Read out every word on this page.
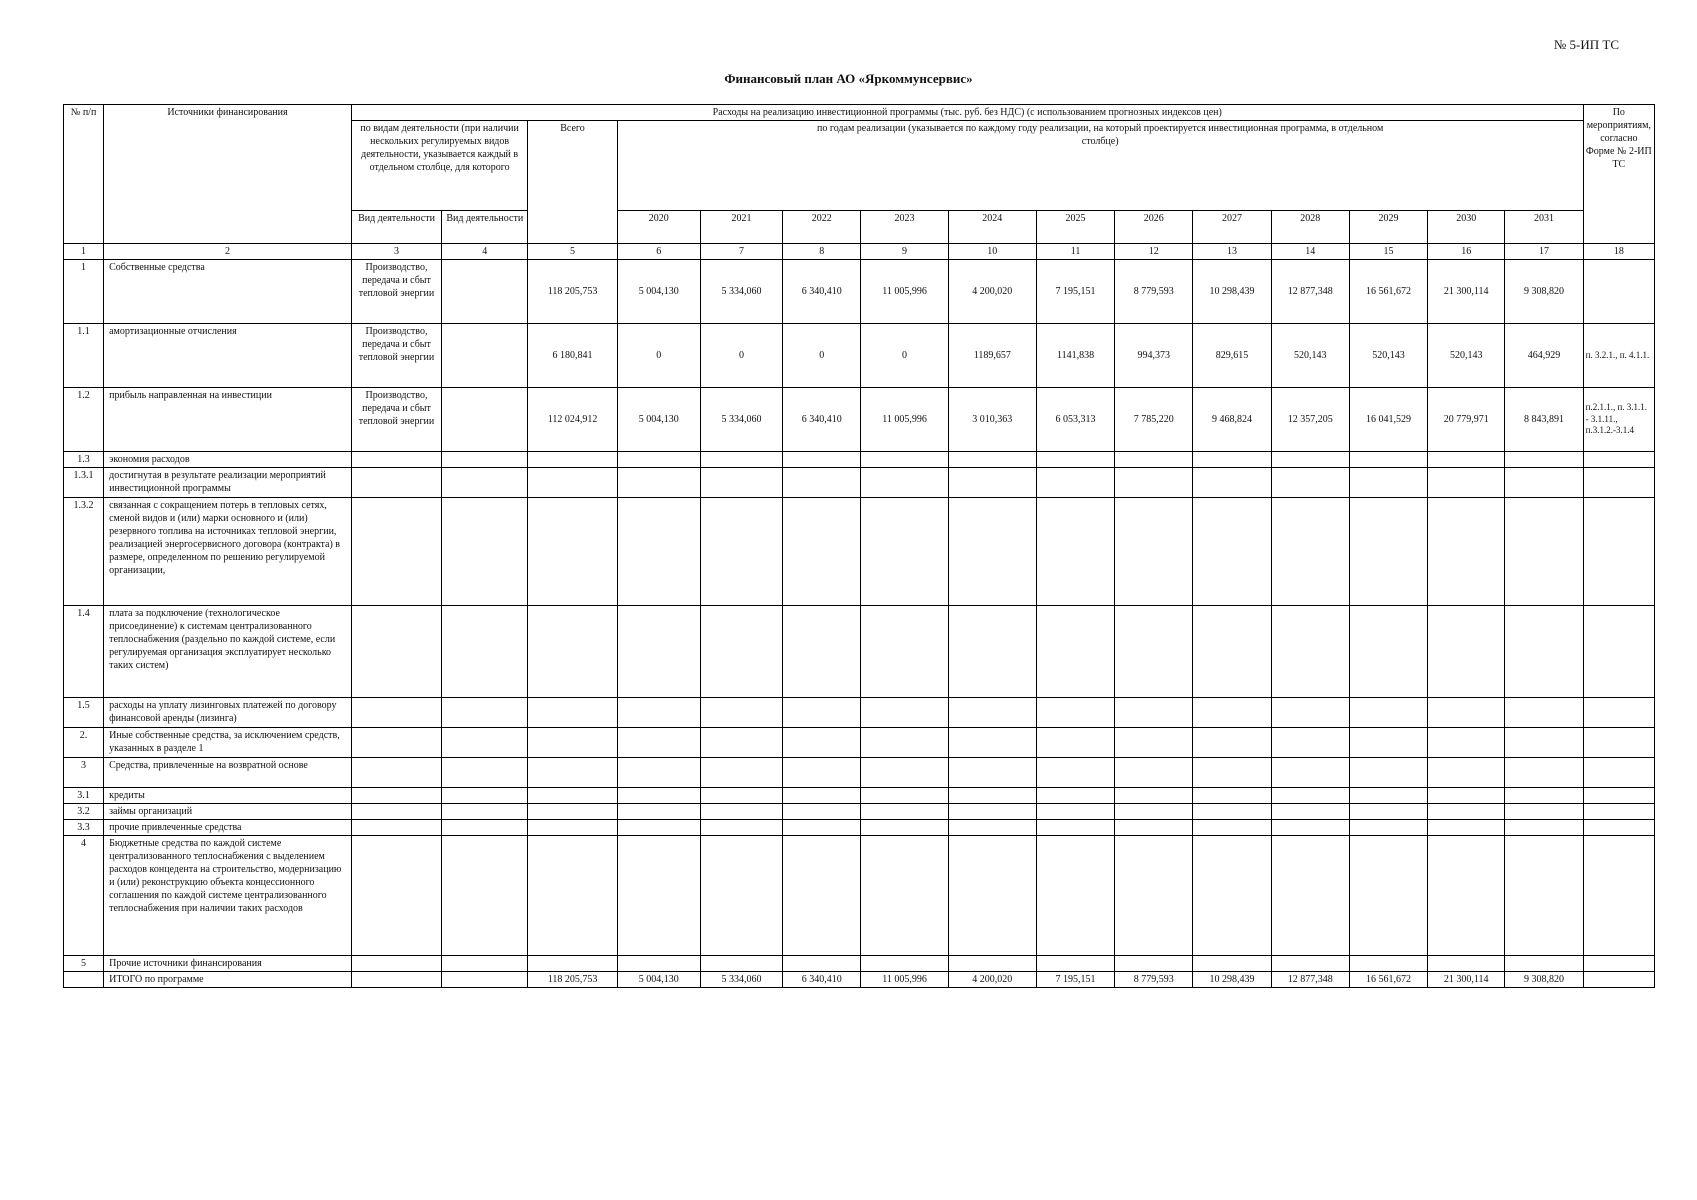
№ 5-ИП ТС
Финансовый план АО «Яркоммунсервис»
№ п/п	Источники финансирования	Расходы на реализацию инвестиционной программы (тыс. руб. без НДС) (с использованием прогнозных индексов цен)															По мероприятиям, согласно Форме № 2-ИП ТС
		по видам деятельности (при наличии нескольких регулируемых видов деятельности, указывается каждый в отдельном столбце, для которого		Всего	по годам реализации (указывается по каждому году реализации, на который проектируется инвестиционная программа, в отдельном столбце)												
		Вид деятельности	Вид деятельности		2020	2021	2022	2023	2024	2025	2026	2027	2028	2029	2030	2031	
1	2	3	4	5	6	7	8	9	10	11	12	13	14	15	16	17	18
1	Собственные средства	Производство, передача и сбыт тепловой энергии		118 205,753	5 004,130	5 334,060	6 340,410	11 005,996	4 200,020	7 195,151	8 779,593	10 298,439	12 877,348	16 561,672	21 300,114	9 308,820	
1.1	амортизационные отчисления	Производство, передача и сбыт тепловой энергии		6 180,841	0	0	0	0	1189,657	1141,838	994,373	829,615	520,143	520,143	520,143	464,929	п. 3.2.1., п. 4.1.1.
1.2	прибыль направленная на инвестиции	Производство, передача и сбыт тепловой энергии		112 024,912	5 004,130	5 334,060	6 340,410	11 005,996	3 010,363	6 053,313	7 785,220	9 468,824	12 357,205	16 041,529	20 779,971	8 843,891	п.2.1.1., п. 3.1.1. - 3.1.11., п.3.1.2.-3.1.4
1.3	экономия расходов																
1.3.1	достигнутая в результате реализации мероприятий инвестиционной программы																
1.3.2	связанная с сокращением потерь в тепловых сетях, сменой видов и (или) марки основного и (или) резервного топлива на источниках тепловой энергии, реализацией энергосервисного договора (контракта) в размере, определенном по решению регулируемой организации,																
1.4	плата за подключение (технологическое присоединение) к системам централизованного теплоснабжения (раздельно по каждой системе, если регулируемая организация эксплуатирует несколько таких систем)																
1.5	расходы на уплату лизинговых платежей по договору финансовой аренды (лизинга)																
2.	Иные собственные средства, за исключением средств, указанных в разделе 1																
3	Средства, привлеченные на возвратной основе																
3.1	кредиты																
3.2	займы организаций																
3.3	прочие привлеченные средства																
4	Бюджетные средства по каждой системе централизованного теплоснабжения с выделением расходов концедента на строительство, модернизацию и (или) реконструкцию объекта концессионного соглашения по каждой системе централизованного теплоснабжения при наличии таких расходов																
5	Прочие источники финансирования																
	ИТОГО по программе			118 205,753	5 004,130	5 334,060	6 340,410	11 005,996	4 200,020	7 195,151	8 779,593	10 298,439	12 877,348	16 561,672	21 300,114	9 308,820	
